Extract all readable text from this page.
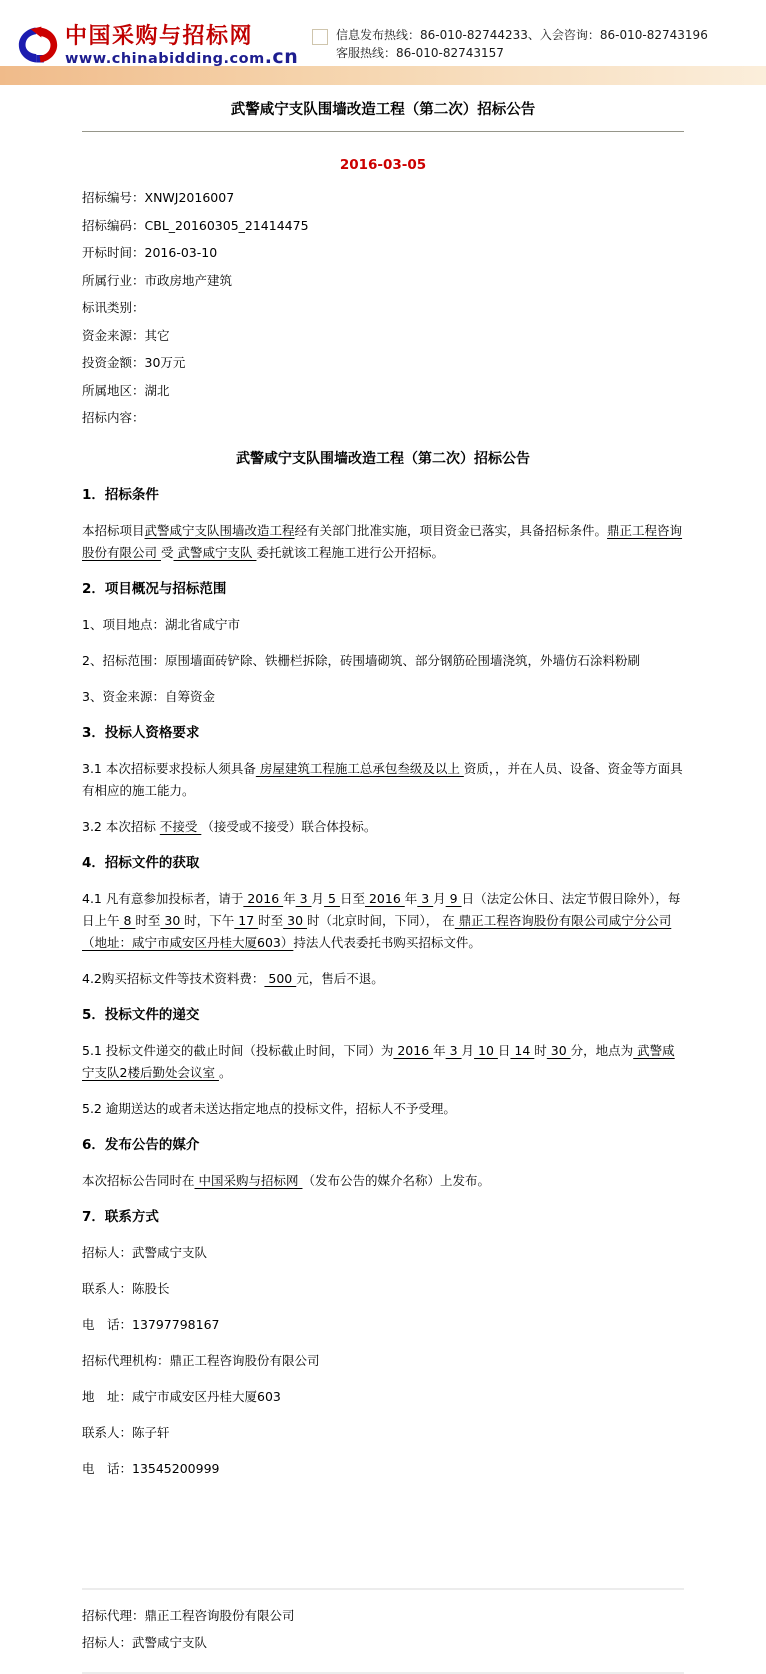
中国采购与招标网
www.chinabidding.com.cn
信息发布热线：86-010-82744233、入会咨询：86-010-82743196
客服热线：86-010-82743157
武警咸宁支队围墙改造工程（第二次）招标公告
2016-03-05
招标编号：XNWJ2016007
招标编码：CBL_20160305_21414475
开标时间：2016-03-10
所属行业：市政房地产建筑
标讯类别：
资金来源：其它
投资金额：30万元
所属地区：湖北
招标内容：
武警咸宁支队围墙改造工程（第二次）招标公告
1．招标条件

本招标项目武警咸宁支队围墙改造工程经有关部门批准实施，项目资金已落实，具备招标条件。鼎正工程咨询股份有限公司 受 武警咸宁支队 委托就该工程施工进行公开招标。

2．项目概况与招标范围

1、项目地点：湖北省咸宁市

2、招标范围：原围墙面砖铲除、铁栅栏拆除，砖围墙砌筑、部分钢筋砼围墙浇筑，外墙仿石涂料粉刷

3、资金来源：自筹资金

3．投标人资格要求

3.1 本次招标要求投标人须具备 房屋建筑工程施工总承包叁级及以上 资质，，并在人员、设备、资金等方面具有相应的施工能力。

3.2 本次招标 不接受 （接受或不接受）联合体投标。

4．招标文件的获取

4.1 凡有意参加投标者，请于 2016 年 3 月 5 日至 2016 年 3 月 9 日（法定公休日、法定节假日除外），每日上午 8 时至 30 时，下午 17 时至 30 时（北京时间，下同）， 在 鼎正工程咨询股份有限公司咸宁分公司（地址：咸宁市咸安区丹桂大厦603）持法人代表委托书购买招标文件。

4.2购买招标文件等技术资料费： 500 元，售后不退。

5．投标文件的递交

5.1 投标文件递交的截止时间（投标截止时间，下同）为 2016 年 3 月 10 日 14 时 30 分，地点为 武警咸宁支队2楼后勤处会议室 。

5.2 逾期送达的或者未送达指定地点的投标文件，招标人不予受理。

6．发布公告的媒介

本次招标公告同时在 中国采购与招标网 （发布公告的媒介名称）上发布。

7．联系方式

招标人：武警咸宁支队

联系人：陈股长

电　话：13797798167

招标代理机构：鼎正工程咨询股份有限公司

地　址：咸宁市咸安区丹桂大厦603

联系人：陈子轩

电　话：13545200999

招标代理：鼎正工程咨询股份有限公司
招标人：武警咸宁支队
